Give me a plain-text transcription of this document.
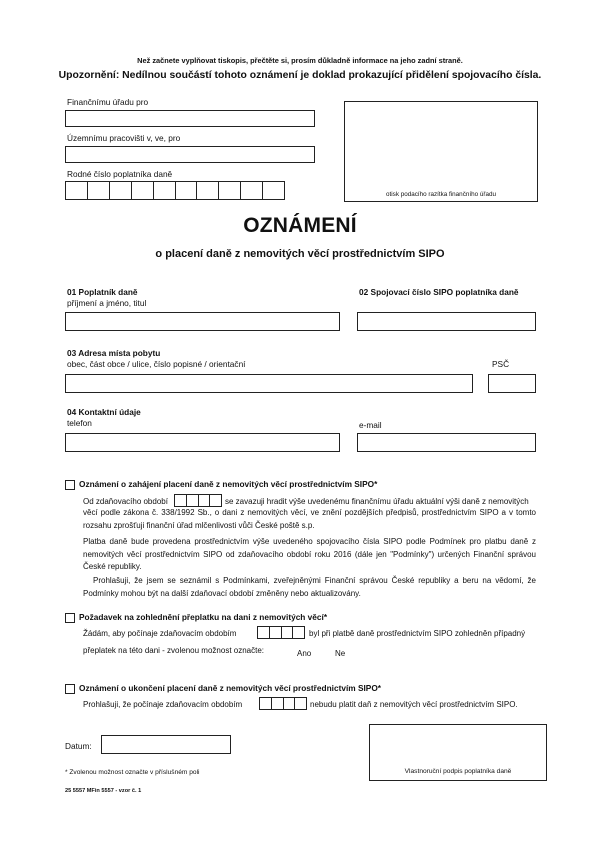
Než začnete vyplňovat tiskopis, přečtěte si, prosím důkladně informace na jeho zadní straně.
Upozornění: Nedílnou součástí tohoto oznámení je doklad prokazující přidělení spojovacího čísla.
Finančnímu úřadu pro
Územnímu pracovišti v, ve, pro
Rodné číslo poplatníka daně
otisk podacího razítka finančního úřadu
OZNÁMENÍ
o placení daně z nemovitých věcí prostřednictvím SIPO
01 Poplatník daně
příjmení a jméno, titul
02 Spojovací číslo SIPO poplatníka daně
03 Adresa místa pobytu
obec, část obce / ulice, číslo popisné / orientační	PSČ
04 Kontaktní údaje
telefon	e-mail
Oznámení o zahájení placení daně z nemovitých věcí prostřednictvím SIPO*
Od zdaňovacího období	se zavazuji hradit výše uvedenému finančnímu úřadu aktuální výši daně z nemovitých
věcí podle zákona č. 338/1992 Sb., o dani z nemovitých věcí, ve znění pozdějších předpisů, prostřednictvím SIPO a v tomto rozsahu zprošťuji finanční úřad mlčenlivosti vůči České poště s.p.
Platba daně bude provedena prostřednictvím výše uvedeného spojovacího čísla SIPO podle Podmínek pro platbu daně z nemovitých věcí prostřednictvím SIPO od zdaňovacího období roku 2016 (dále jen "Podmínky") určených Finanční správou České republiky.
Prohlašuji, že jsem se seznámil s Podmínkami, zveřejněnými Finanční správou České republiky a beru na vědomí, že Podmínky mohou být na další zdaňovací období změněny nebo aktualizovány.
Požadavek na zohlednění přeplatku na dani z nemovitých věcí*
Žádám, aby počínaje zdaňovacím obdobím	byl při platbě daně prostřednictvím SIPO zohledněn případný
přeplatek na této dani - zvolenou možnost označte:	Ano	Ne
Oznámení o ukončení placení daně z nemovitých věcí prostřednictvím SIPO*
Prohlašuji, že počínaje zdaňovacím obdobím	nebudu platit daň z nemovitých věcí prostřednictvím SIPO.
Datum:
Vlastnoruční podpis poplatníka daně
* Zvolenou možnost označte v příslušném poli
25 5557 MFin 5557 - vzor č. 1
